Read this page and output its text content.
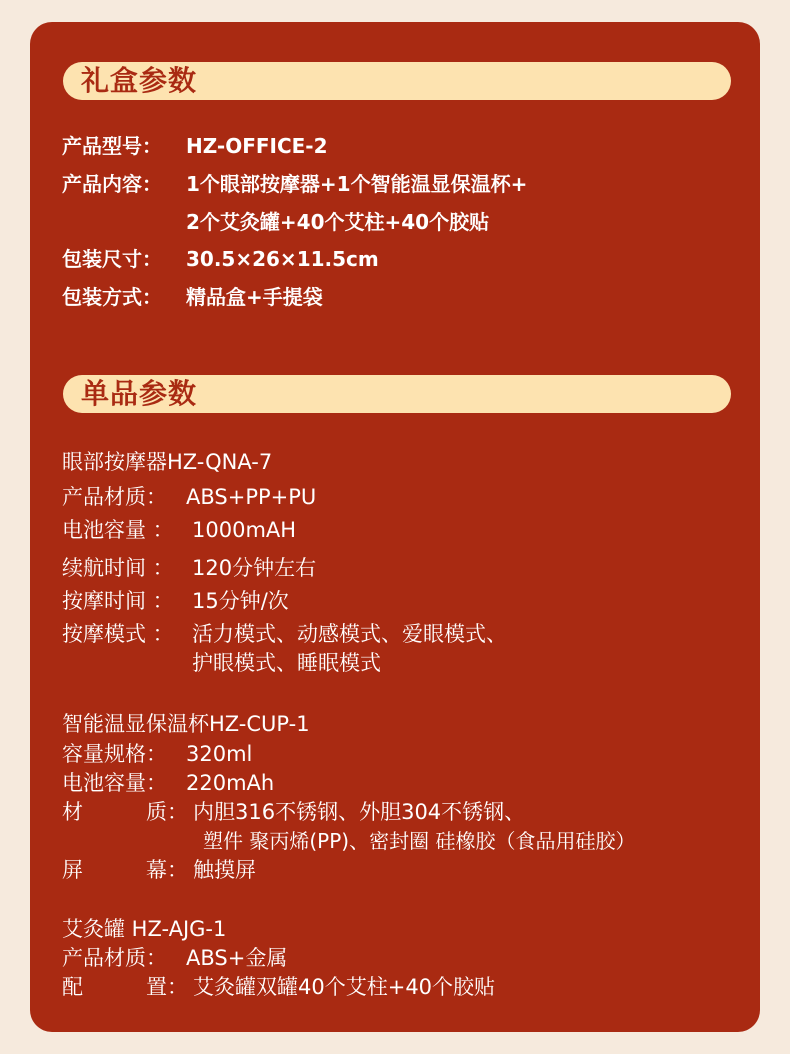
礼盒参数
产品型号： HZ-OFFICE-2
产品内容： 1个眼部按摩器+1个智能温显保温杯+
2个艾灸罐+40个艾柱+40个胶贴
包装尺寸： 30.5×26×11.5cm
包装方式： 精品盒+手提袋
单品参数
眼部按摩器HZ-QNA-7
产品材质： ABS+PP+PU
电池容量 ： 1000mAH
续航时间 ： 120分钟左右
按摩时间 ： 15分钟/次
按摩模式 ： 活力模式、动感模式、爱眼模式、
护眼模式、睡眠模式
智能温显保温杯HZ-CUP-1
容量规格： 320ml
电池容量： 220mAh
材	质： 内胆316不锈钢、外胆304不锈钢、
塑件 聚丙烯(PP)、密封圈 硅橡胶（食品用硅胶）
屏	幕： 触摸屏
艾灸罐 HZ-AJG-1
产品材质： ABS+金属
配	置： 艾灸罐双罐40个艾柱+40个胶贴
